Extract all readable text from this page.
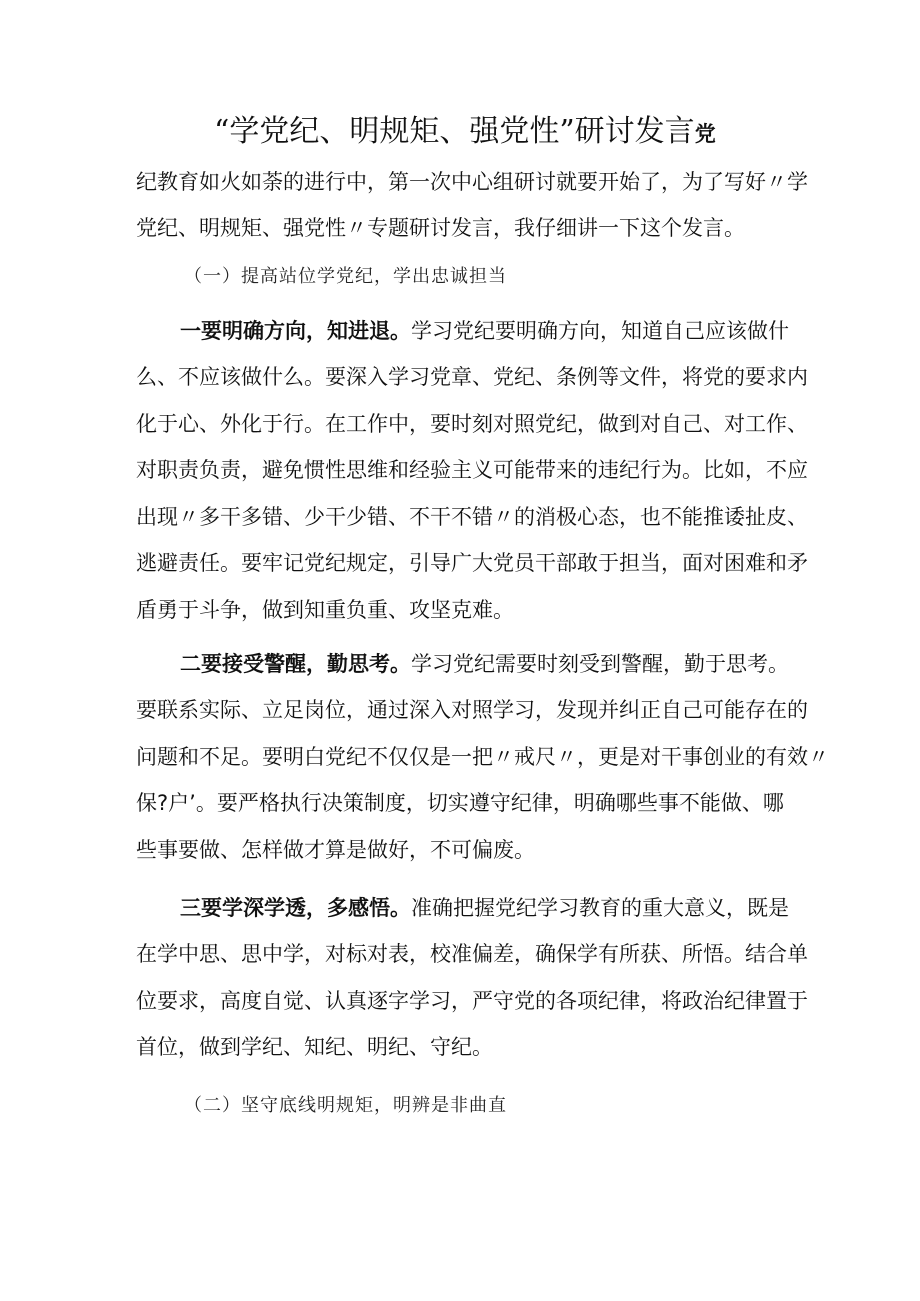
“学党纪、明规矩、强党性”研讨发言党
纪教育如火如荼的进行中，第一次中心组研讨就要开始了，为了写好〃学
党纪、明规矩、强党性〃专题研讨发言，我仔细讲一下这个发言。
（一）提高站位学党纪，学出忠诚担当
一要明确方向，知进退。学习党纪要明确方向，知道自己应该做什
么、不应该做什么。要深入学习党章、党纪、条例等文件，将党的要求内
化于心、外化于行。在工作中，要时刻对照党纪，做到对自己、对工作、
对职责负责，避免惯性思维和经验主义可能带来的违纪行为。比如，不应
出现〃多干多错、少干少错、不干不错〃的消极心态，也不能推诿扯皮、
逃避责任。要牢记党纪规定，引导广大党员干部敢于担当，面对困难和矛
盾勇于斗争，做到知重负重、攻坚克难。
二要接受警醒，勤思考。学习党纪需要时刻受到警醒，勤于思考。
要联系实际、立足岗位，通过深入对照学习，发现并纠正自己可能存在的
问题和不足。要明白党纪不仅仅是一把〃戒尺〃，更是对干事创业的有效〃
保?户’。要严格执行决策制度，切实遵守纪律，明确哪些事不能做、哪
些事要做、怎样做才算是做好，不可偏废。
三要学深学透，多感悟。准确把握党纪学习教育的重大意义，既是
在学中思、思中学，对标对表，校准偏差，确保学有所获、所悟。结合单
位要求，高度自觉、认真逐字学习，严守党的各项纪律，将政治纪律置于
首位，做到学纪、知纪、明纪、守纪。
（二）坚守底线明规矩，明辨是非曲直
